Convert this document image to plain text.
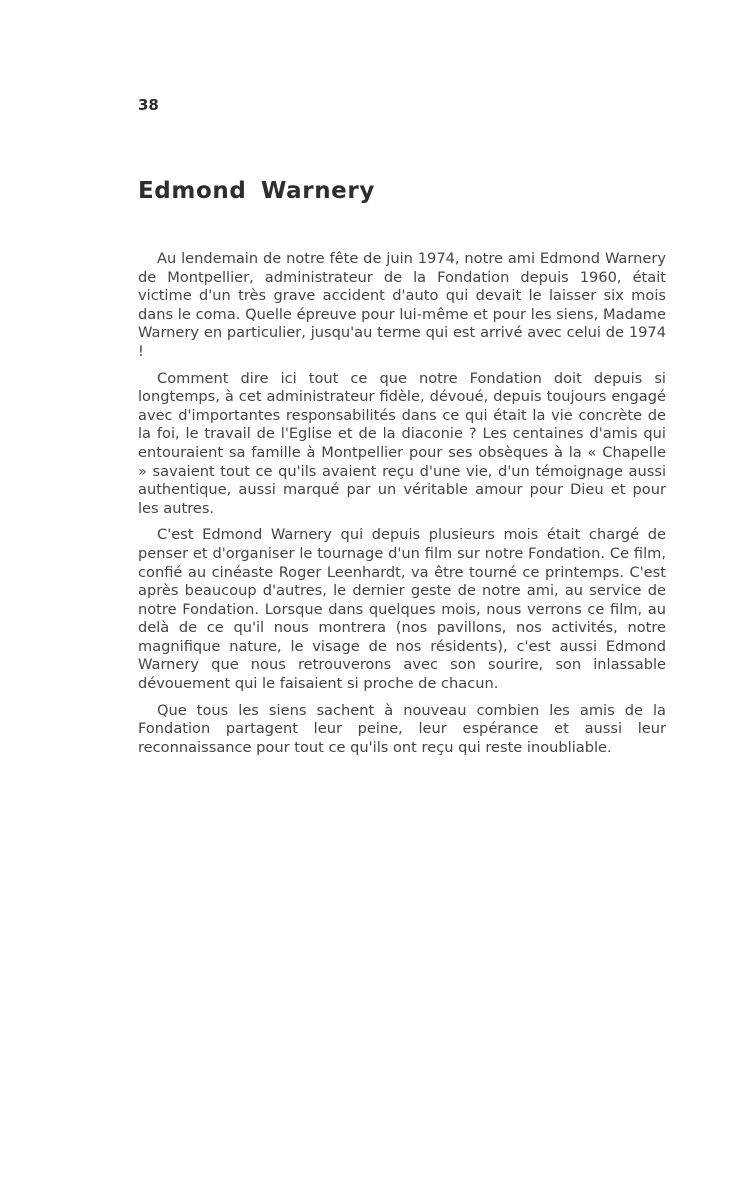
38
Edmond Warnery

Au lendemain de notre fête de juin 1974, notre ami Edmond Warnery de Montpellier, administrateur de la Fondation depuis 1960, était victime d'un très grave accident d'auto qui devait le laisser six mois dans le coma. Quelle épreuve pour lui-même et pour les siens, Madame Warnery en particulier, jusqu'au terme qui est arrivé avec celui de 1974 !

Comment dire ici tout ce que notre Fondation doit depuis si longtemps, à cet administrateur fidèle, dévoué, depuis toujours engagé avec d'importantes responsabilités dans ce qui était la vie concrète de la foi, le travail de l'Eglise et de la diaconie ? Les centaines d'amis qui entouraient sa famille à Montpellier pour ses obsèques à la « Chapelle » savaient tout ce qu'ils avaient reçu d'une vie, d'un témoignage aussi authentique, aussi marqué par un véritable amour pour Dieu et pour les autres.

C'est Edmond Warnery qui depuis plusieurs mois était chargé de penser et d'organiser le tournage d'un film sur notre Fondation. Ce film, confié au cinéaste Roger Leenhardt, va être tourné ce printemps. C'est après beaucoup d'autres, le dernier geste de notre ami, au service de notre Fondation. Lorsque dans quelques mois, nous verrons ce film, au delà de ce qu'il nous montrera (nos pavillons, nos activités, notre magnifique nature, le visage de nos résidents), c'est aussi Edmond Warnery que nous retrouverons avec son sourire, son inlassable dévouement qui le faisaient si proche de chacun.

Que tous les siens sachent à nouveau combien les amis de la Fondation partagent leur peine, leur espérance et aussi leur reconnaissance pour tout ce qu'ils ont reçu qui reste inoubliable.
